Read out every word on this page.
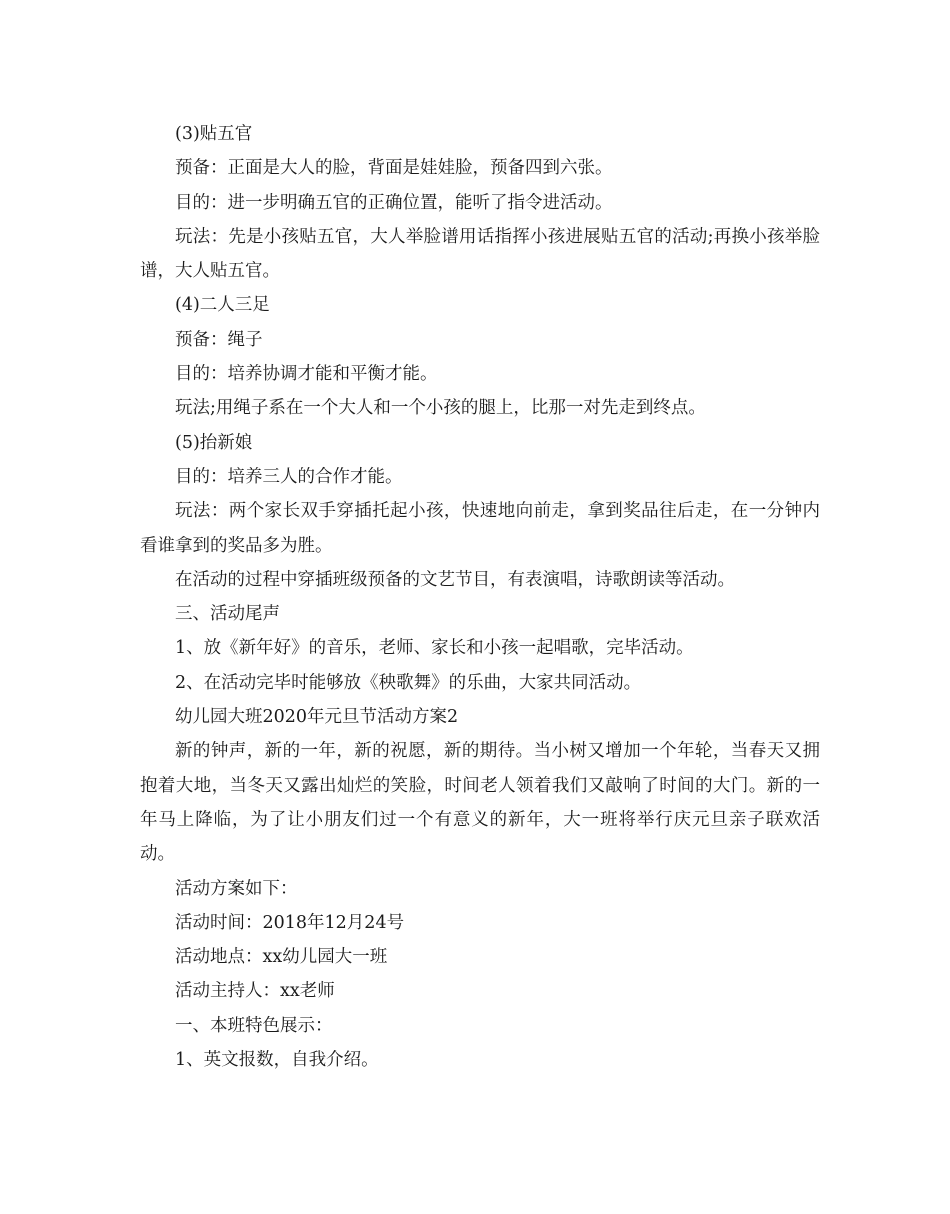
(3)贴五官

预备：正面是大人的脸，背面是娃娃脸，预备四到六张。

目的：进一步明确五官的正确位置，能听了指令进活动。

玩法：先是小孩贴五官，大人举脸谱用话指挥小孩进展贴五官的活动;再换小孩举脸谱，大人贴五官。

(4)二人三足

预备：绳子

目的：培养协调才能和平衡才能。

玩法;用绳子系在一个大人和一个小孩的腿上，比那一对先走到终点。

(5)抬新娘

目的：培养三人的合作才能。

玩法：两个家长双手穿插托起小孩，快速地向前走，拿到奖品往后走，在一分钟内看谁拿到的奖品多为胜。

在活动的过程中穿插班级预备的文艺节目，有表演唱，诗歌朗读等活动。

三、活动尾声

1、放《新年好》的音乐，老师、家长和小孩一起唱歌，完毕活动。

2、在活动完毕时能够放《秧歌舞》的乐曲，大家共同活动。

幼儿园大班2020年元旦节活动方案2

新的钟声，新的一年，新的祝愿，新的期待。当小树又增加一个年轮，当春天又拥抱着大地，当冬天又露出灿烂的笑脸，时间老人领着我们又敲响了时间的大门。新的一年马上降临，为了让小朋友们过一个有意义的新年，大一班将举行庆元旦亲子联欢活动。

活动方案如下：

活动时间：2018年12月24号

活动地点：xx幼儿园大一班

活动主持人：xx老师

一、本班特色展示：

1、英文报数，自我介绍。
